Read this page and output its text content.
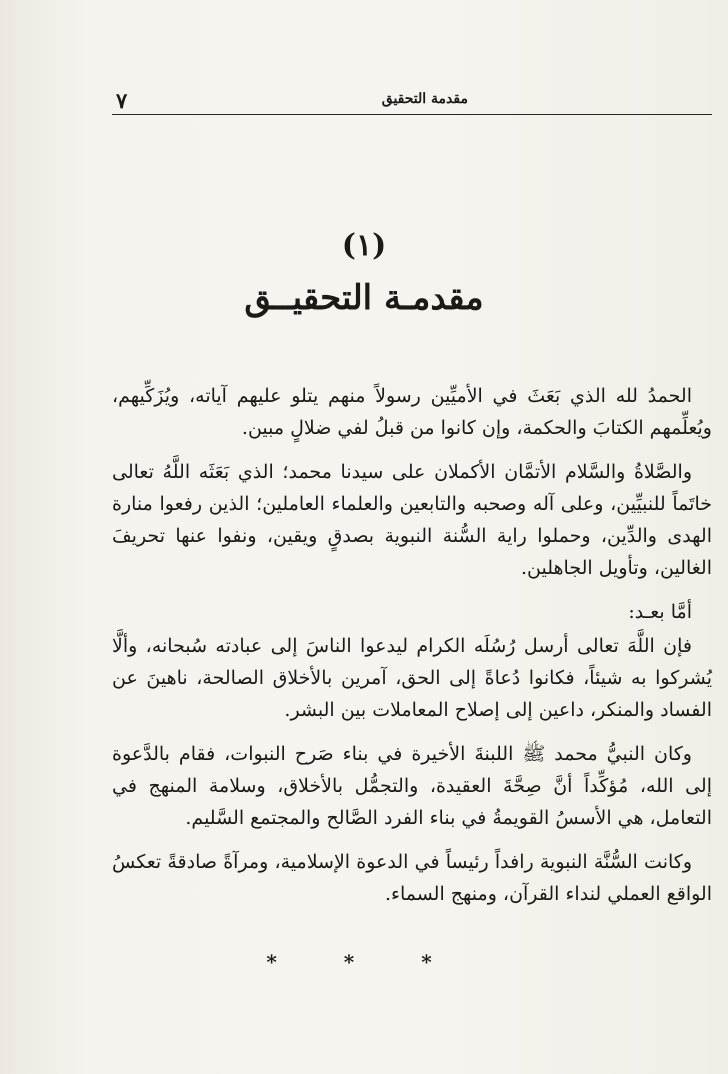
٧	مقدمة التحقيق
(١)
مقدمـة التحقيــق

الحمدُ لله الذي بَعَثَ في الأميِّين رسولاً منهم يتلو عليهم آياته، ويُزَكِّيهم، ويُعلِّمهم الكتابَ والحكمة، وإن كانوا من قبلُ لفي ضلالٍ مبين.

والصَّلاةُ والسَّلام الأتمَّان الأكملان على سيدنا محمد؛ الذي بَعَثَه اللَّهُ تعالى خاتَماً للنبيِّين، وعلى آله وصحبه والتابعين والعلماء العاملين؛ الذين رفعوا منارة الهدى والدِّين، وحملوا راية السُّنة النبوية بصدقٍ ويقين، ونفوا عنها تحريفَ الغالين، وتأويل الجاهلين.

أمَّا بعـد:

فإن اللَّهَ تعالى أرسل رُسُلَه الكرام ليدعوا الناسَ إلى عبادته سُبحانه، وألَّا يُشركوا به شيئاً، فكانوا دُعاةً إلى الحق، آمرين بالأخلاق الصالحة، ناهينَ عن الفساد والمنكر، داعين إلى إصلاح المعاملات بين البشر.

وكان النبيُّ محمد ﷺ اللبنةَ الأخيرة في بناء صَرح النبوات، فقام بالدَّعوة إلى الله، مُؤكِّداً أنَّ صِحَّةَ العقيدة، والتجمُّل بالأخلاق، وسلامة المنهج في التعامل، هي الأسسُ القويمةُ في بناء الفرد الصَّالح والمجتمع السَّليم.

وكانت السُّنَّة النبوية رافداً رئيساً في الدعوة الإسلامية، ومرآةً صادقةً تعكسُ الواقع العملي لنداء القرآن، ومنهج السماء.

* * *
